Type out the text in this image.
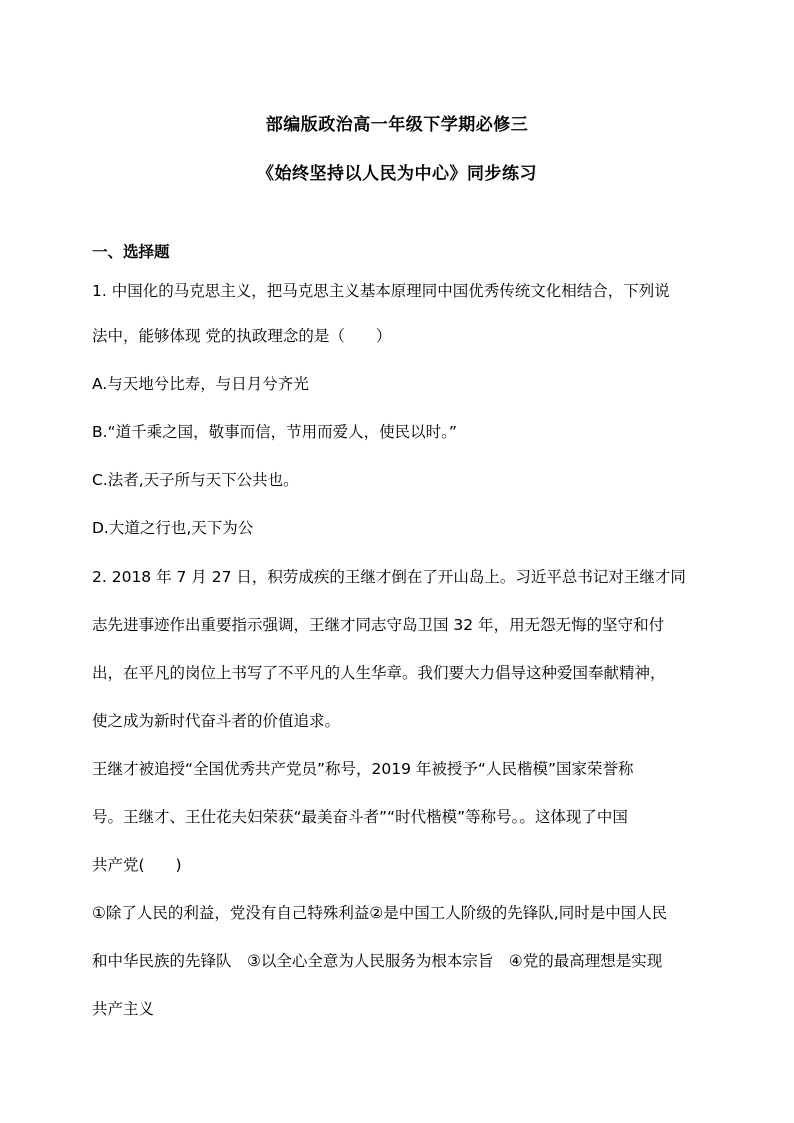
部编版政治高一年级下学期必修三
《始终坚持以人民为中心》同步练习
一、选择题
1. 中国化的马克思主义，把马克思主义基本原理同中国优秀传统文化相结合，下列说
法中，能够体现 党的执政理念的是（　　）
A.与天地兮比寿，与日月兮齐光
B.“道千乘之国，敬事而信，节用而爱人，使民以时。”
C.法者,天子所与天下公共也。
D.大道之行也,天下为公
2. 2018 年 7 月 27 日，积劳成疾的王继才倒在了开山岛上。习近平总书记对王继才同
志先进事迹作出重要指示强调，王继才同志守岛卫国 32 年，用无怨无悔的坚守和付
出，在平凡的岗位上书写了不平凡的人生华章。我们要大力倡导这种爱国奉献精神，
使之成为新时代奋斗者的价值追求。
王继才被追授“全国优秀共产党员”称号，2019 年被授予“人民楷模”国家荣誉称
号。王继才、王仕花夫妇荣获“最美奋斗者”“时代楷模”等称号。。这体现了中国
共产党(　　)
①除了人民的利益，党没有自己特殊利益②是中国工人阶级的先锋队,同时是中国人民
和中华民族的先锋队　③以全心全意为人民服务为根本宗旨　④党的最高理想是实现
共产主义
